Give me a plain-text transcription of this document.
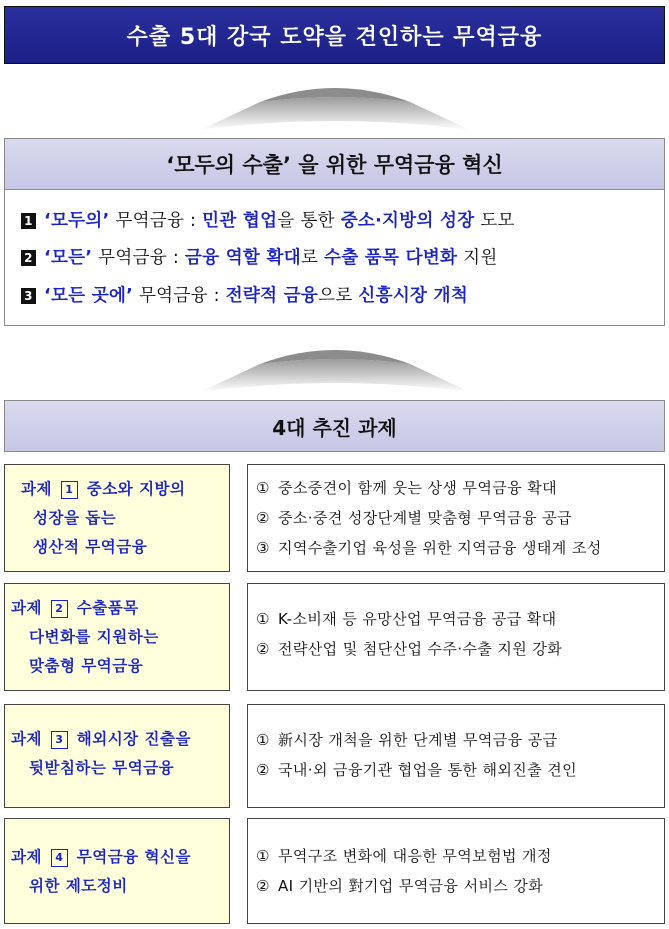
수출 5대 강국 도약을 견인하는 무역금융
‘모두의 수출’ 을 위한 무역금융 혁신
1 ‘모두의’ 무역금융 : 민관 협업을 통한 중소·지방의 성장 도모
2 ‘모든’ 무역금융 : 금융 역할 확대로 수출 품목 다변화 지원
3 ‘모든 곳에’ 무역금융 : 전략적 금융으로 신흥시장 개척
4대 추진 과제
과제 1 중소와 지방의
성장을 돕는
생산적 무역금융
① 중소중견이 함께 웃는 상생 무역금융 확대
② 중소·중견 성장단계별 맞춤형 무역금융 공급
③ 지역수출기업 육성을 위한 지역금융 생태계 조성
과제 2 수출품목
다변화를 지원하는
맞춤형 무역금융
① K-소비재 등 유망산업 무역금융 공급 확대
② 전략산업 및 첨단산업 수주·수출 지원 강화
과제 3 해외시장 진출을
뒷받침하는 무역금융
① 新시장 개척을 위한 단계별 무역금융 공급
② 국내·외 금융기관 협업을 통한 해외진출 견인
과제 4 무역금융 혁신을
위한 제도정비
① 무역구조 변화에 대응한 무역보험법 개정
② AI 기반의 對기업 무역금융 서비스 강화
